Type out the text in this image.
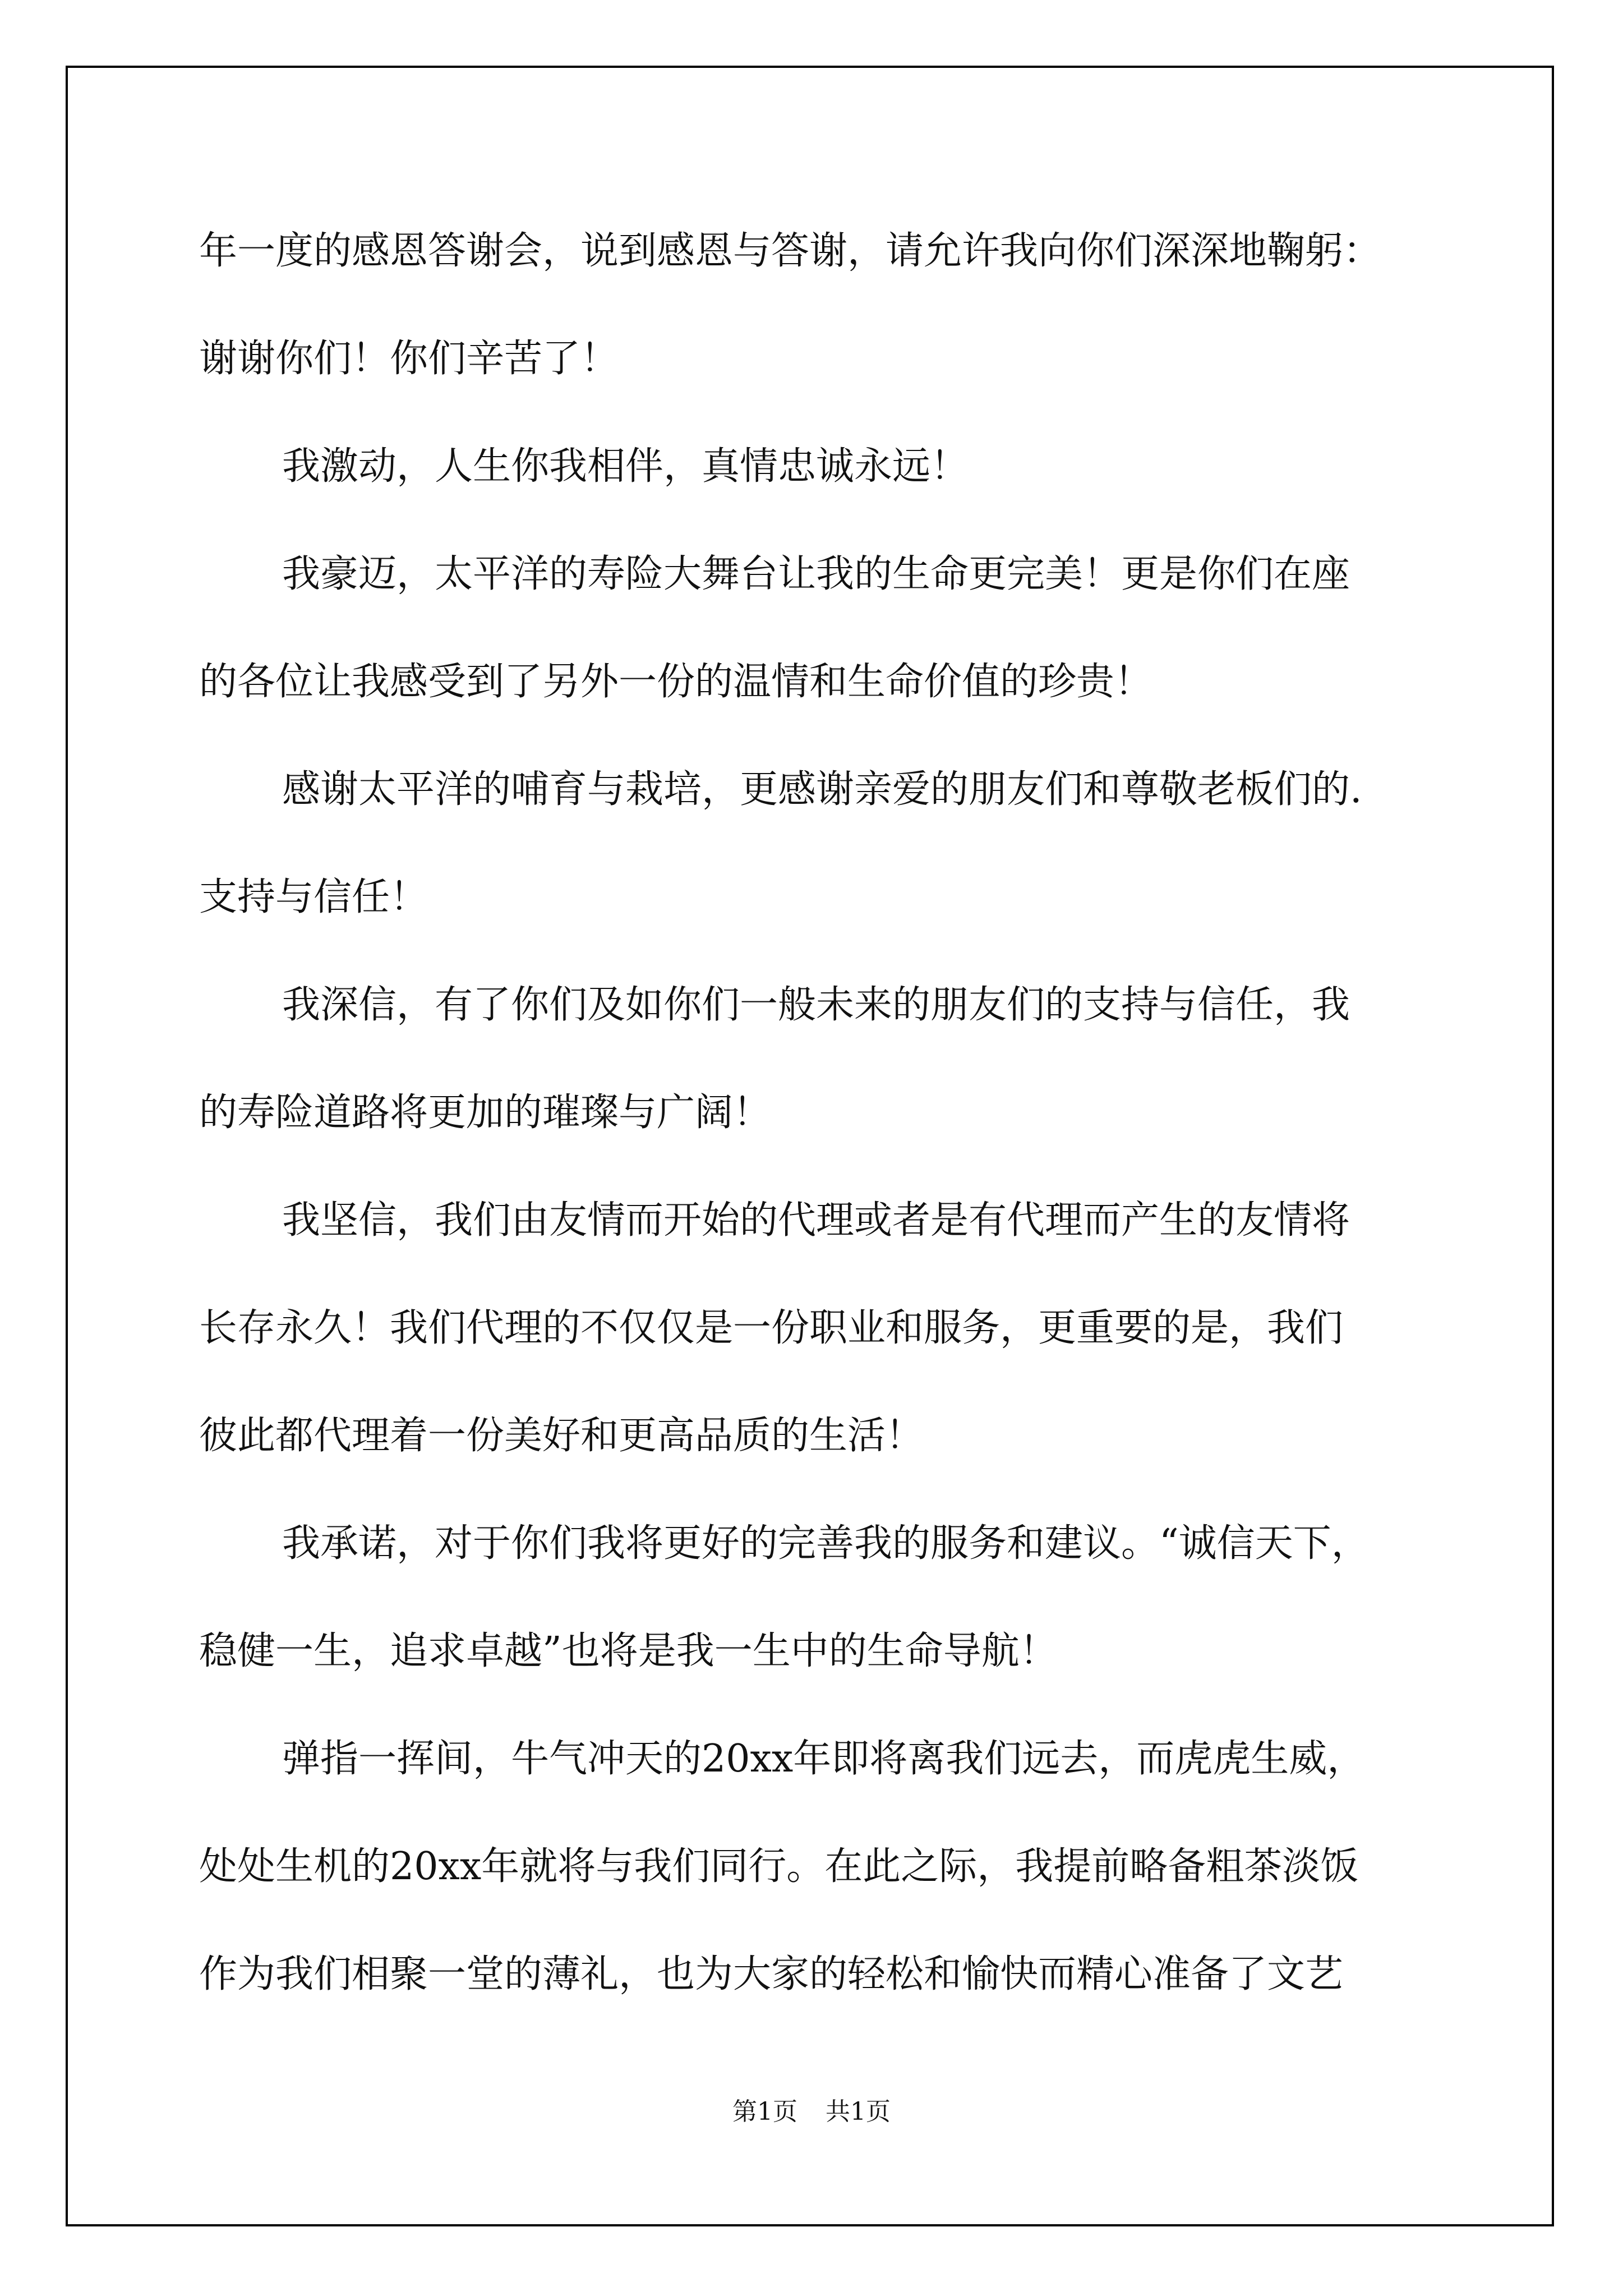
年一度的感恩答谢会，说到感恩与答谢，请允许我向你们深深地鞠躬：
谢谢你们！你们辛苦了！
我激动，人生你我相伴，真情忠诚永远！
我豪迈，太平洋的寿险大舞台让我的生命更完美！更是你们在座
的各位让我感受到了另外一份的温情和生命价值的珍贵！
感谢太平洋的哺育与栽培，更感谢亲爱的朋友们和尊敬老板们的.
支持与信任！
我深信，有了你们及如你们一般未来的朋友们的支持与信任，我
的寿险道路将更加的璀璨与广阔！
我坚信，我们由友情而开始的代理或者是有代理而产生的友情将
长存永久！我们代理的不仅仅是一份职业和服务，更重要的是，我们
彼此都代理着一份美好和更高品质的生活！
我承诺，对于你们我将更好的完善我的服务和建议。“诚信天下，
稳健一生，追求卓越”也将是我一生中的生命导航！
弹指一挥间，牛气冲天的20xx年即将离我们远去，而虎虎生威，
处处生机的20xx年就将与我们同行。在此之际，我提前略备粗茶淡饭
作为我们相聚一堂的薄礼，也为大家的轻松和愉快而精心准备了文艺
第1页 共1页
